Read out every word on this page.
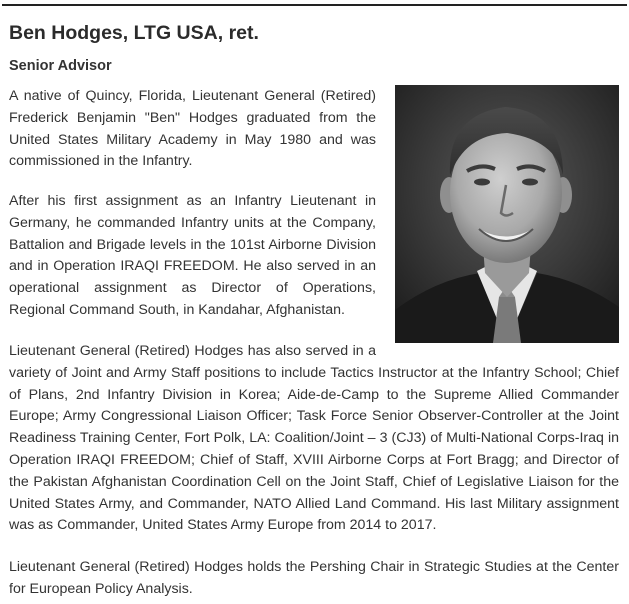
Ben Hodges, LTG USA, ret.
Senior Advisor

A native of Quincy, Florida, Lieutenant General (Retired) Frederick Benjamin "Ben" Hodges graduated from the United States Military Academy in May 1980 and was commissioned in the Infantry.

After his first assignment as an Infantry Lieutenant in Germany, he commanded Infantry units at the Company, Battalion and Brigade levels in the 101st Airborne Division and in Operation IRAQI FREEDOM. He also served in an operational assignment as Director of Operations, Regional Command South, in Kandahar, Afghanistan.

Lieutenant General (Retired) Hodges has also served in a
variety of Joint and Army Staff positions to include Tactics Instructor at the Infantry School; Chief of Plans, 2nd Infantry Division in Korea; Aide-de-Camp to the Supreme Allied Commander Europe; Army Congressional Liaison Officer; Task Force Senior Observer-Controller at the Joint Readiness Training Center, Fort Polk, LA: Coalition/Joint – 3 (CJ3) of Multi-National Corps-Iraq in Operation IRAQI FREEDOM; Chief of Staff, XVIII Airborne Corps at Fort Bragg; and Director of the Pakistan Afghanistan Coordination Cell on the Joint Staff, Chief of Legislative Liaison for the United States Army, and Commander, NATO Allied Land Command. His last Military assignment was as Commander, United States Army Europe from 2014 to 2017.

Lieutenant General (Retired) Hodges holds the Pershing Chair in Strategic Studies at the Center for European Policy Analysis.
